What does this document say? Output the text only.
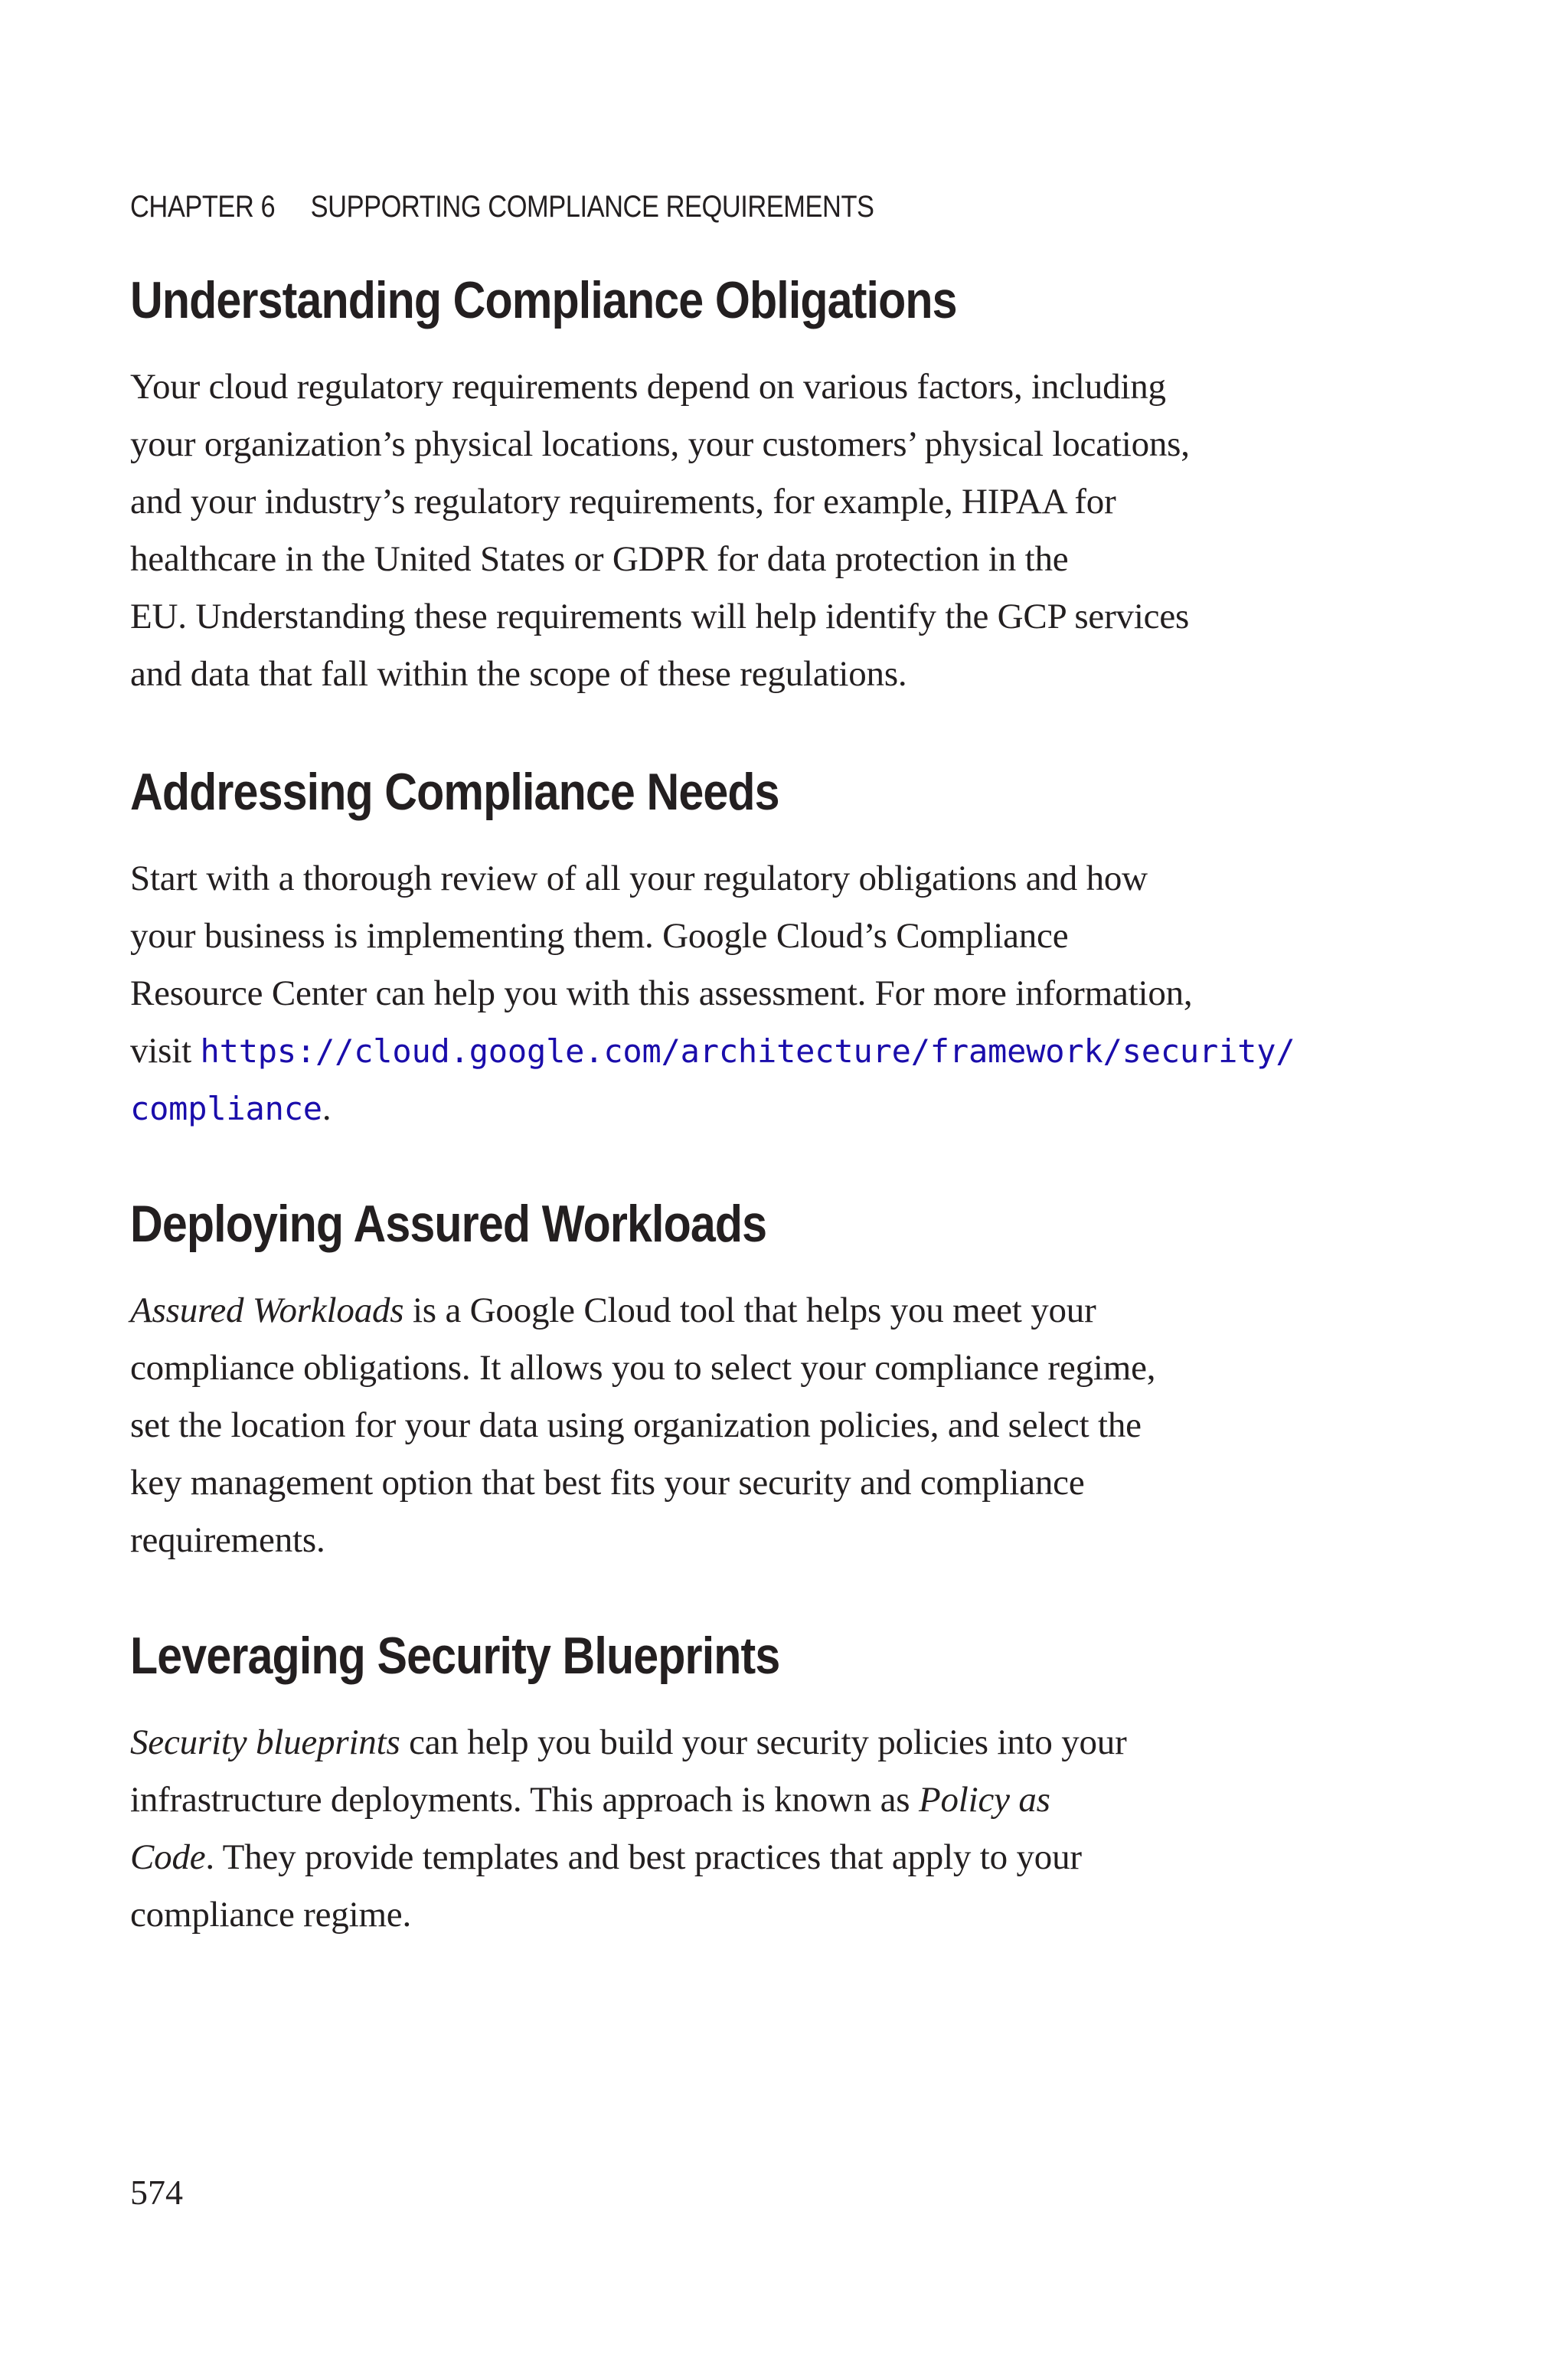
CHAPTER 6 SUPPORTING COMPLIANCE REQUIREMENTS
Understanding Compliance Obligations

Your cloud regulatory requirements depend on various factors, including
your organization’s physical locations, your customers’ physical locations,
and your industry’s regulatory requirements, for example, HIPAA for
healthcare in the United States or GDPR for data protection in the
EU. Understanding these requirements will help identify the GCP services
and data that fall within the scope of these regulations.

Addressing Compliance Needs

Start with a thorough review of all your regulatory obligations and how
your business is implementing them. Google Cloud’s Compliance
Resource Center can help you with this assessment. For more information,
visit https://cloud.google.com/architecture/framework/security/
compliance.

Deploying Assured Workloads

Assured Workloads is a Google Cloud tool that helps you meet your
compliance obligations. It allows you to select your compliance regime,
set the location for your data using organization policies, and select the
key management option that best fits your security and compliance
requirements.

Leveraging Security Blueprints

Security blueprints can help you build your security policies into your
infrastructure deployments. This approach is known as Policy as
Code. They provide templates and best practices that apply to your
compliance regime.

574
